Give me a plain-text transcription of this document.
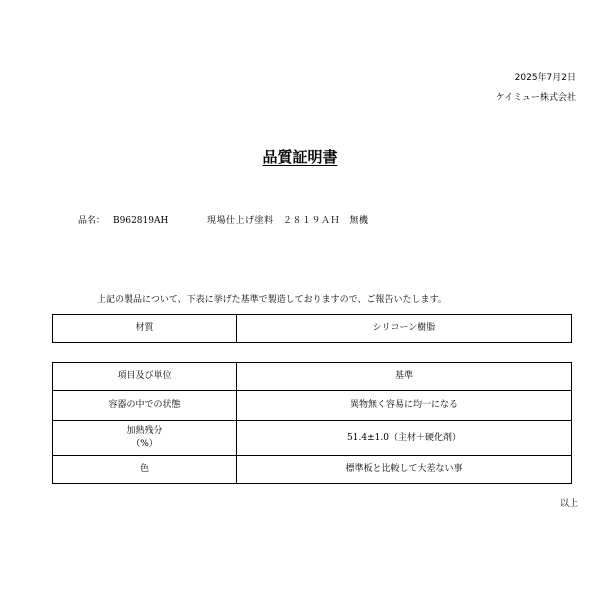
2025年7月2日
ケイミュー株式会社
品質証明書
品名： B962819AH	現場仕上げ塗料　２８１９ＡＨ　無機
上記の製品について、下表に挙げた基準で製造しておりますので、ご報告いたします。
材質	シリコーン樹脂
項目及び単位	基準
容器の中での状態	異物無く容易に均一になる

加熱残分
（%）	51.4±1.0（主材＋硬化剤）
色	標準板と比較して大差ない事
以上
